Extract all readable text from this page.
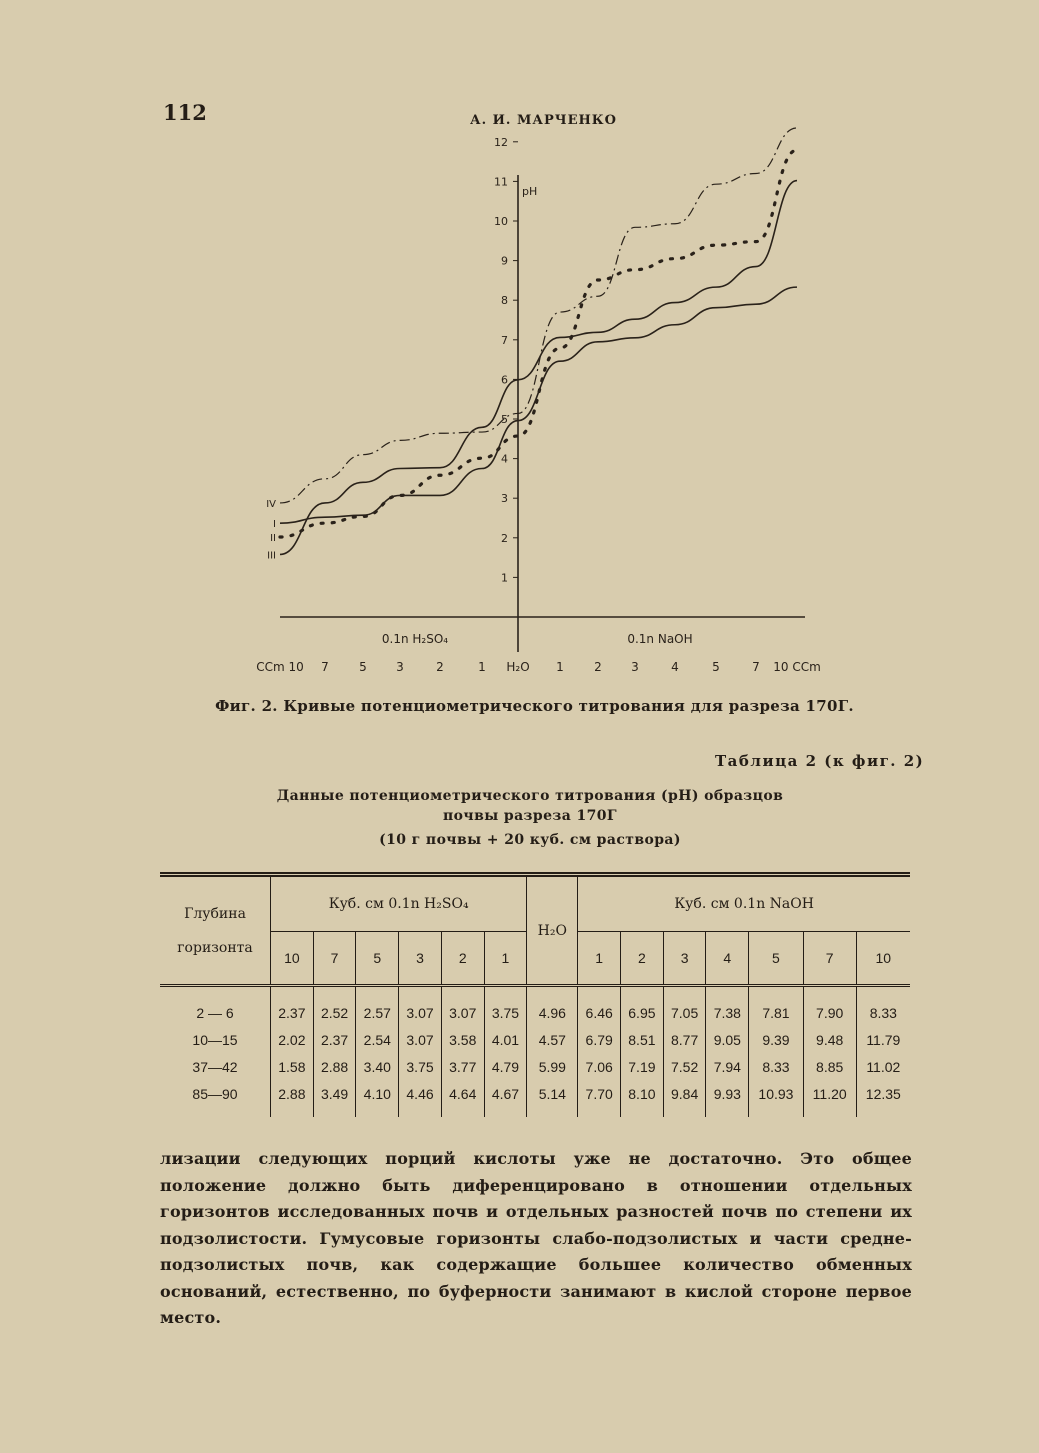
112	А. И. МАРЧЕНКО
1
2
3
4
5
6
7
8
9
10
11
12
pH
CCm 10 7	5 3	2	1 H₂O 1	2 3	4	5	7 10 CCm
0.1n H₂SO₄	0.1n NaOH
I
II
III
IV
Фиг. 2. Кривые потенциометрического титрования для разреза 170Г.
Таблица 2 (к фиг. 2)
Данные потенциометрического титрования (pH) образцов
почвы разреза 170Г
(10 г почвы + 20 куб. см раствора)
Глубина
горизонта	Куб. см 0.1n H₂SO₄						H₂O	Куб. см 0.1n NaOH						
	10	7	5	3	2	1		1	2	3	4	5	7	10
2 — 6	2.37	2.52	2.57	3.07	3.07	3.75	4.96	6.46	6.95	7.05	7.38	7.81	7.90	8.33
10—15	2.02	2.37	2.54	3.07	3.58	4.01	4.57	6.79	8.51	8.77	9.05	9.39	9.48	11.79
37—42	1.58	2.88	3.40	3.75	3.77	4.79	5.99	7.06	7.19	7.52	7.94	8.33	8.85	11.02
85—90	2.88	3.49	4.10	4.46	4.64	4.67	5.14	7.70	8.10	9.84	9.93	10.93	11.20	12.35
лизации следующих порций кислоты уже не достаточно. Это общее положение должно быть диференцировано в отношении отдельных горизонтов исследованных почв и отдельных разностей почв по степени их подзолистости. Гумусовые горизонты слабо-подзолистых и части средне-подзолистых почв, как содержащие большее количество обменных оснований, естественно, по буферности занимают в кислой стороне первое место.
